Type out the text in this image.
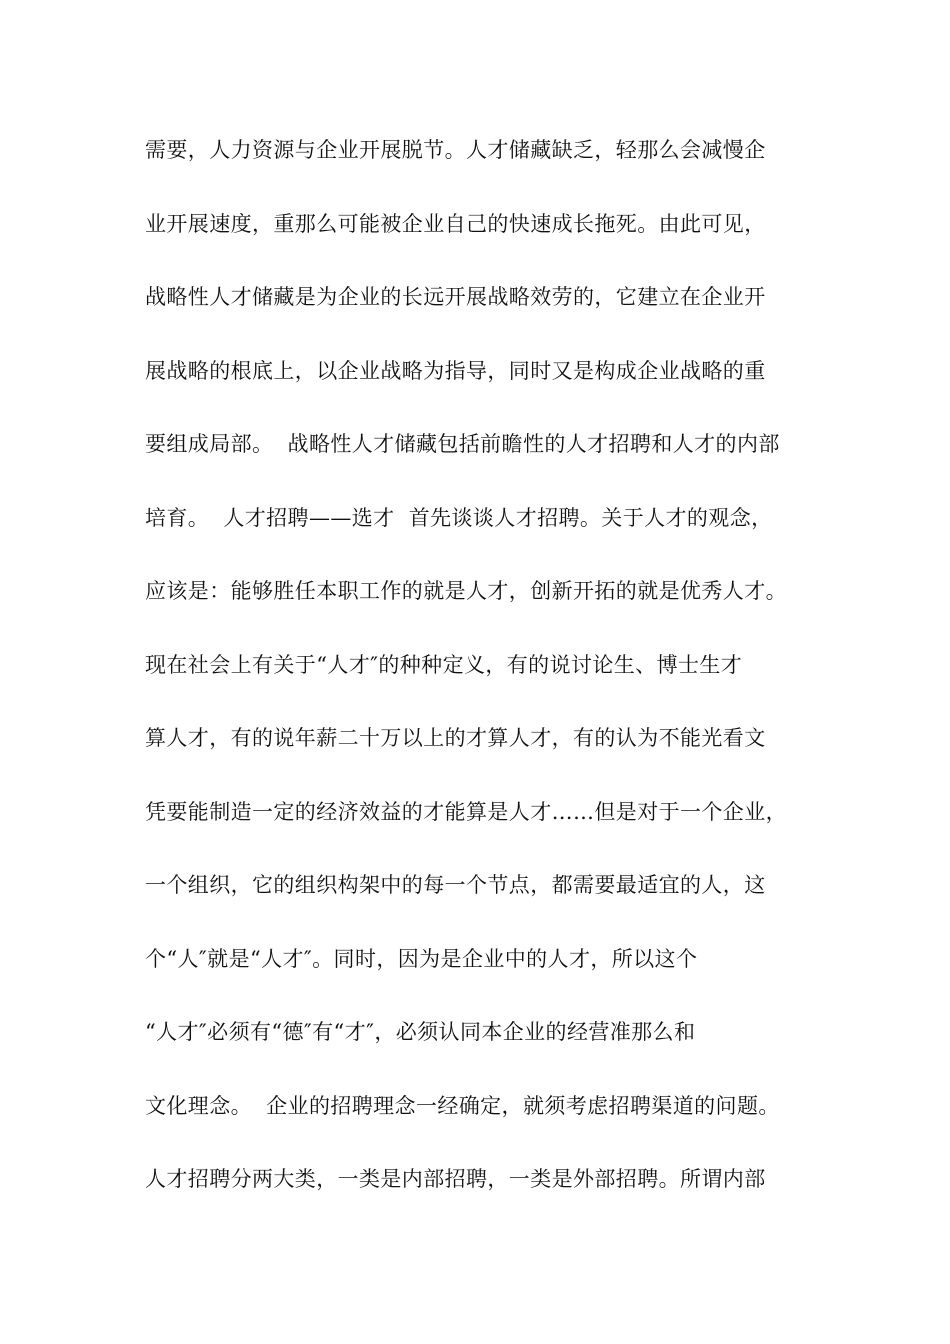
需要，人力资源与企业开展脱节。人才储藏缺乏，轻那么会减慢企
业开展速度，重那么可能被企业自己的快速成长拖死。由此可见，
战略性人才储藏是为企业的长远开展战略效劳的，它建立在企业开
展战略的根底上，以企业战略为指导，同时又是构成企业战略的重
要组成局部。  战略性人才储藏包括前瞻性的人才招聘和人才的内部
培育。  人才招聘——选才  首先谈谈人才招聘。关于人才的观念，
应该是：能够胜任本职工作的就是人才，创新开拓的就是优秀人才。
现在社会上有关于“人才″的种种定义，有的说讨论生、博士生才
算人才，有的说年薪二十万以上的才算人才，有的认为不能光看文
凭要能制造一定的经济效益的才能算是人才……但是对于一个企业，
一个组织，它的组织构架中的每一个节点，都需要最适宜的人，这
个“人″就是“人才″。同时，因为是企业中的人才，所以这个
“人才″必须有“德″有“才″，必须认同本企业的经营准那么和
文化理念。  企业的招聘理念一经确定，就须考虑招聘渠道的问题。
人才招聘分两大类，一类是内部招聘，一类是外部招聘。所谓内部
